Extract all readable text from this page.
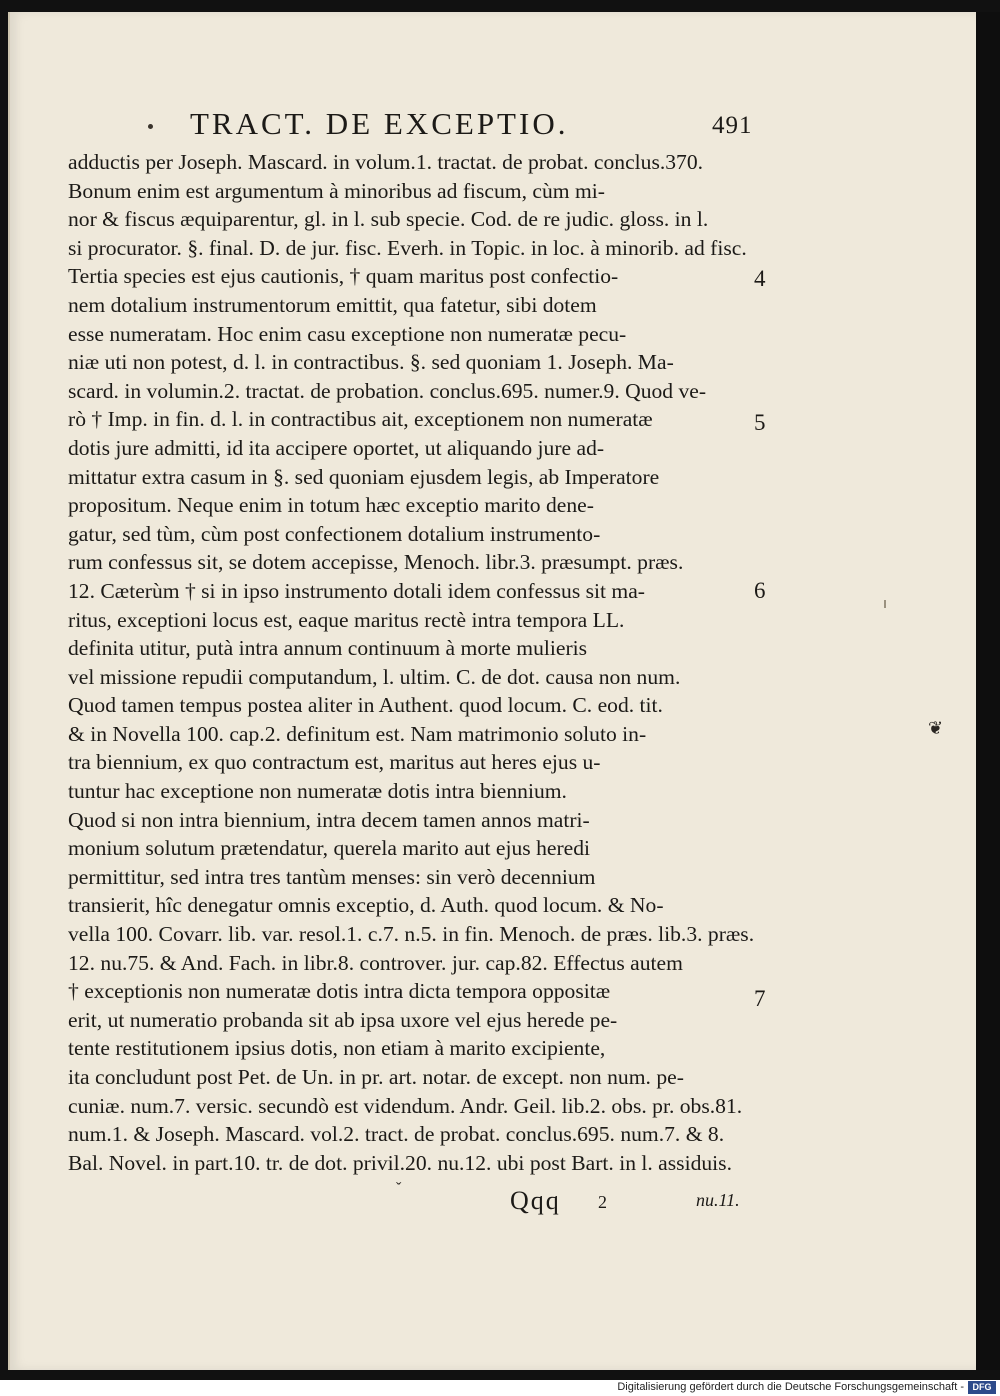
TRACT. DE EXCEPTIO.	491
adductis per Joseph. Mascard. in volum.1. tractat. de probat. conclus.370.
Bonum enim est argumentum à minoribus ad fiscum, cùm mi-
nor & fiscus æquiparentur, gl. in l. sub specie. Cod. de re judic. gloss. in l.
si procurator. §. final. D. de jur. fisc. Everh. in Topic. in loc. à minorib. ad fisc.
Tertia species est ejus cautionis, † quam maritus post confectio-
nem dotalium instrumentorum emittit, qua fatetur, sibi dotem
esse numeratam. Hoc enim casu exceptione non numeratæ pecu-
niæ uti non potest, d. l. in contractibus. §. sed quoniam 1. Joseph. Ma-
scard. in volumin.2. tractat. de probation. conclus.695. numer.9. Quod ve-
rò † Imp. in fin. d. l. in contractibus ait, exceptionem non numeratæ
dotis jure admitti, id ita accipere oportet, ut aliquando jure ad-
mittatur extra casum in §. sed quoniam ejusdem legis, ab Imperatore
propositum. Neque enim in totum hæc exceptio marito dene-
gatur, sed tùm, cùm post confectionem dotalium instrumento-
rum confessus sit, se dotem accepisse, Menoch. libr.3. præsumpt. præs.
12. Cæterùm † si in ipso instrumento dotali idem confessus sit ma-
ritus, exceptioni locus est, eaque maritus rectè intra tempora LL.
definita utitur, putà intra annum continuum à morte mulieris
vel missione repudii computandum, l. ultim. C. de dot. causa non num.
Quod tamen tempus postea aliter in Authent. quod locum. C. eod. tit.
& in Novella 100. cap.2. definitum est. Nam matrimonio soluto in-
tra biennium, ex quo contractum est, maritus aut heres ejus u-
tuntur hac exceptione non numeratæ dotis intra biennium.
Quod si non intra biennium, intra decem tamen annos matri-
monium solutum prætendatur, querela marito aut ejus heredi
permittitur, sed intra tres tantùm menses: sin verò decennium
transierit, hîc denegatur omnis exceptio, d. Auth. quod locum. & No-
vella 100. Covarr. lib. var. resol.1. c.7. n.5. in fin. Menoch. de præs. lib.3. præs.
12. nu.75. & And. Fach. in libr.8. controver. jur. cap.82. Effectus autem
† exceptionis non numeratæ dotis intra dicta tempora oppositæ
erit, ut numeratio probanda sit ab ipsa uxore vel ejus herede pe-
tente restitutionem ipsius dotis, non etiam à marito excipiente,
ita concludunt post Pet. de Un. in pr. art. notar. de except. non num. pe-
cuniæ. num.7. versic. secundò est videndum. Andr. Geil. lib.2. obs. pr. obs.81.
num.1. & Joseph. Mascard. vol.2. tract. de probat. conclus.695. num.7. & 8.
Bal. Novel. in part.10. tr. de dot. privil.20. nu.12. ubi post Bart. in l. assiduis.
4
5
6
7
❦
ˇ	Qqq 2	nu.11.
Digitalisierung gefördert durch die Deutsche Forschungsgemeinschaft - DFG
